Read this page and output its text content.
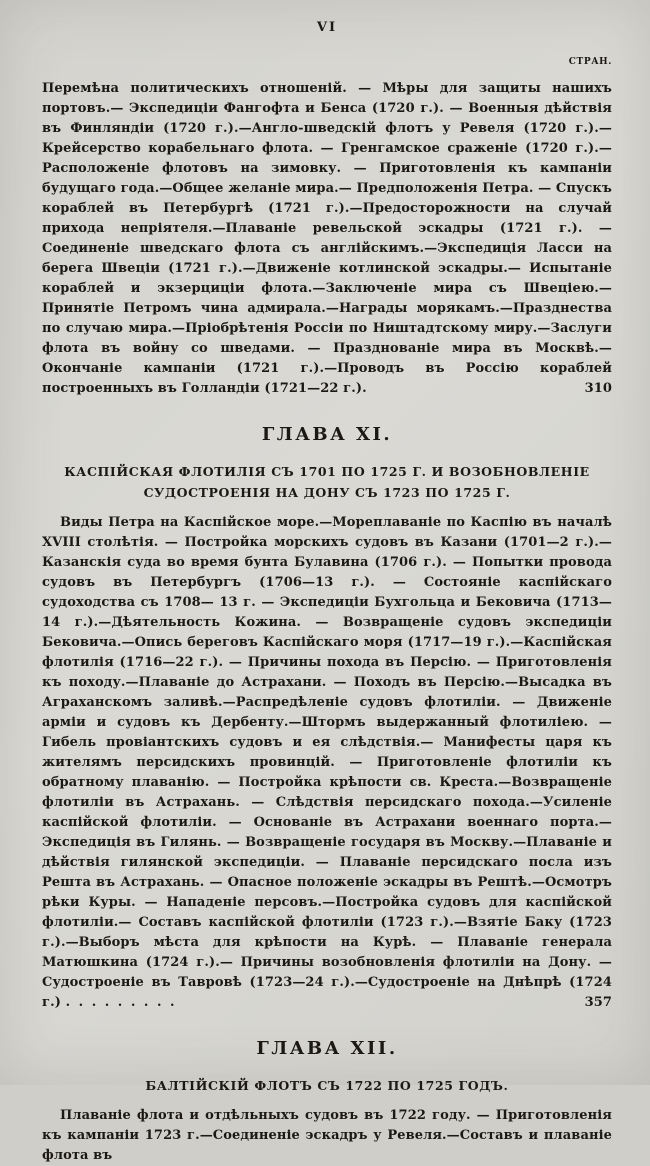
VI
СТРАН.
Перемѣна политическихъ отношеній. — Мѣры для защиты нашихъ портовъ.— Экспедиціи Фангофта и Бенса (1720 г.). — Военныя дѣйствія въ Финляндіи (1720 г.).—Англо-шведскій флотъ у Ревеля (1720 г.).—Крейсерство корабельнаго флота. — Гренгамское сраженіе (1720 г.).—Расположеніе флотовъ на зимовку. — Приготовленія къ кампаніи будущаго года.—Общее желаніе мира.— Предположенія Петра. — Спускъ кораблей въ Петербургѣ (1721 г.).—Предосторожности на случай прихода непріятеля.—Плаваніе ревельской эскадры (1721 г.). — Соединеніе шведскаго флота съ англійскимъ.—Экспедиція Ласси на берега Швеціи (1721 г.).—Движеніе котлинской эскадры.— Испытаніе кораблей и экзерциціи флота.—Заключеніе мира съ Швеціею.— Принятіе Петромъ чина адмирала.—Награды морякамъ.—Празднества по случаю мира.—Пріобрѣтенія Россіи по Ништадтскому миру.—Заслуги флота въ войну со шведами. — Празднованіе мира въ Москвѣ.—Окончаніе кампаніи (1721 г.).—Проводъ въ Россію кораблей построенныхъ въ Голландіи (1721—22 г.).	310
ГЛАВА XI.
КАСПІЙСКАЯ ФЛОТИЛІЯ СЪ 1701 ПО 1725 Г. И ВОЗОБНОВЛЕНІЕ СУДОСТРОЕНІЯ НА ДОНУ СЪ 1723 ПО 1725 Г.
Виды Петра на Каспійское море.—Мореплаваніе по Каспію въ началѣ XVIII столѣтія. — Постройка морскихъ судовъ въ Казани (1701—2 г.).—Казанскія суда во время бунта Булавина (1706 г.). — Попытки провода судовъ въ Петербургъ (1706—13 г.). — Состояніе каспійскаго судоходства съ 1708— 13 г. — Экспедиціи Бухгольца и Бековича (1713—14 г.).—Дѣятельность Кожина. — Возвращеніе судовъ экспедиціи Бековича.—Опись береговъ Каспійскаго моря (1717—19 г.).—Каспійская флотилія (1716—22 г.). — Причины похода въ Персію. — Приготовленія къ походу.—Плаваніе до Астрахани. — Походъ въ Персію.—Высадка въ Аграханскомъ заливѣ.—Распредѣленіе судовъ флотиліи. — Движеніе арміи и судовъ къ Дербенту.—Штормъ выдержанный флотиліею. — Гибель провіантскихъ судовъ и ея слѣдствія.— Манифесты царя къ жителямъ персидскихъ провинцій. — Приготовленіе флотиліи къ обратному плаванію. — Постройка крѣпости св. Креста.—Возвращеніе флотиліи въ Астрахань. — Слѣдствія персидскаго похода.—Усиленіе каспійской флотиліи. — Основаніе въ Астрахани военнаго порта.— Экспедиція въ Гилянь. — Возвращеніе государя въ Москву.—Плаваніе и дѣйствія гилянской экспедиціи. — Плаваніе персидскаго посла изъ Решта въ Астрахань. — Опасное положеніе эскадры въ Рештѣ.—Осмотръ рѣки Куры. — Нападеніе персовъ.—Постройка судовъ для каспійской флотиліи.— Составъ каспійской флотиліи (1723 г.).—Взятіе Баку (1723 г.).—Выборъ мѣста для крѣпости на Курѣ. — Плаваніе генерала Матюшкина (1724 г.).— Причины возобновленія флотиліи на Дону. — Судостроеніе въ Тавровѣ (1723—24 г.).—Судостроеніе на Днѣпрѣ (1724 г.) . . . . . . . . .	357
ГЛАВА XII.
БАЛТІЙСКІЙ ФЛОТЪ СЪ 1722 ПО 1725 ГОДЪ.
Плаваніе флота и отдѣльныхъ судовъ въ 1722 году. — Приготовленія къ кампаніи 1723 г.—Соединеніе эскадръ у Ревеля.—Составъ и плаваніе флота въ
